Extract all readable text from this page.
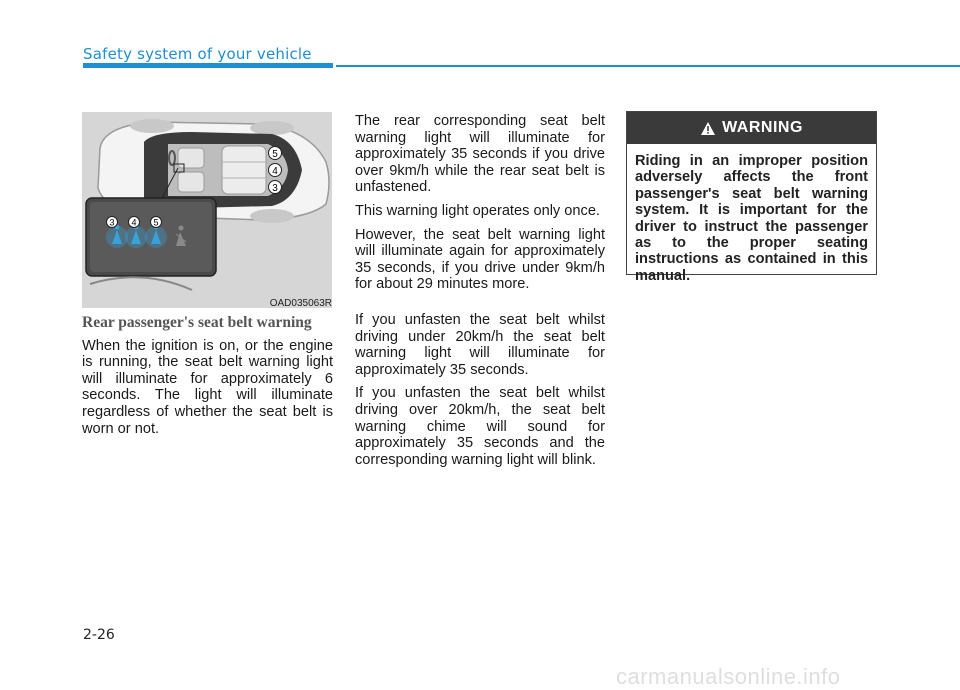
Safety system of your vehicle
5
4
3
3 4 5
OAD035063R
Rear passenger's seat belt warning

When the ignition is on, or the engine is running, the seat belt warning light will illuminate for approximately 6 seconds. The light will illuminate regardless of whether the seat belt is worn or not.

The rear corresponding seat belt warning light will illuminate for approximately 35 seconds if you drive over 9km/h while the rear seat belt is unfastened.

This warning light operates only once.

However, the seat belt warning light will illuminate again for approximately 35 seconds, if you drive under 9km/h for about 29 minutes more.

If you unfasten the seat belt whilst driving under 20km/h the seat belt warning light will illuminate for approximately 35 seconds.

If you unfasten the seat belt whilst driving over 20km/h, the seat belt warning chime will sound for approximately 35 seconds and the corresponding warning light will blink.

WARNING
Riding in an improper position adversely affects the front passenger's seat belt warning system. It is important for the driver to instruct the passenger as to the proper seating instructions as contained in this manual.
2-26
carmanualsonline.info
